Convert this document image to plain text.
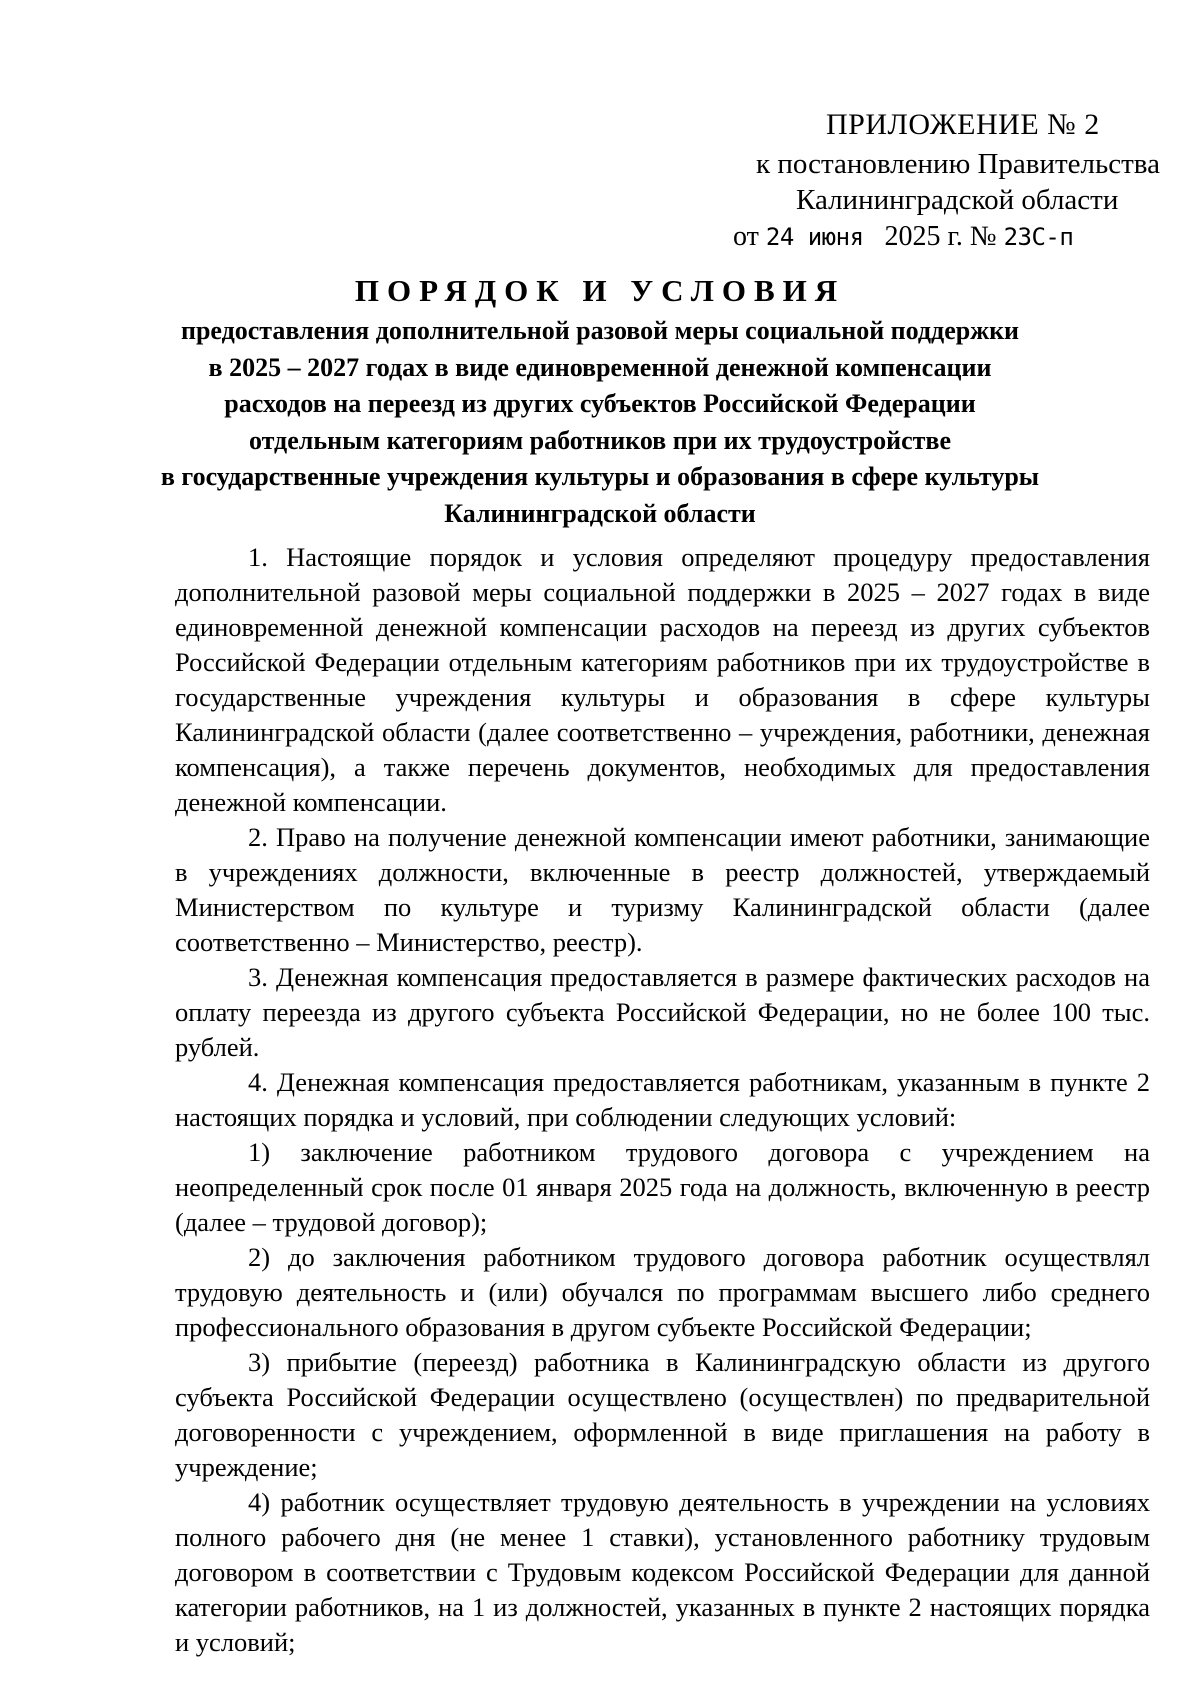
ПРИЛОЖЕНИЕ № 2
к постановлению Правительства
Калининградской области
от 24 июня 2025 г. № 23С-п
ПОРЯДОК И УСЛОВИЯ
предоставления дополнительной разовой меры социальной поддержки
в 2025 – 2027 годах в виде единовременной денежной компенсации
расходов на переезд из других субъектов Российской Федерации
отдельным категориям работников при их трудоустройстве
в государственные учреждения культуры и образования в сфере культуры
Калининградской области

1. Настоящие порядок и условия определяют процедуру предоставления дополнительной разовой меры социальной поддержки в 2025 – 2027 годах в виде единовременной денежной компенсации расходов на переезд из других субъектов Российской Федерации отдельным категориям работников при их трудоустройстве в государственные учреждения культуры и образования в сфере культуры Калининградской области (далее соответственно – учреждения, работники, денежная компенсация), а также перечень документов, необходимых для предоставления денежной компенсации.

2. Право на получение денежной компенсации имеют работники, занимающие в учреждениях должности, включенные в реестр должностей, утверждаемый Министерством по культуре и туризму Калининградской области (далее соответственно – Министерство, реестр).

3. Денежная компенсация предоставляется в размере фактических расходов на оплату переезда из другого субъекта Российской Федерации, но не более 100 тыс. рублей.

4. Денежная компенсация предоставляется работникам, указанным в пункте 2 настоящих порядка и условий, при соблюдении следующих условий:

1) заключение работником трудового договора с учреждением на неопределенный срок после 01 января 2025 года на должность, включенную в реестр (далее – трудовой договор);

2) до заключения работником трудового договора работник осуществлял трудовую деятельность и (или) обучался по программам высшего либо среднего профессионального образования в другом субъекте Российской Федерации;

3) прибытие (переезд) работника в Калининградскую области из другого субъекта Российской Федерации осуществлено (осуществлен) по предварительной договоренности с учреждением, оформленной в виде приглашения на работу в учреждение;

4) работник осуществляет трудовую деятельность в учреждении на условиях полного рабочего дня (не менее 1 ставки), установленного работнику трудовым договором в соответствии с Трудовым кодексом Российской Федерации для данной категории работников, на 1 из должностей, указанных в пункте 2 настоящих порядка и условий;
